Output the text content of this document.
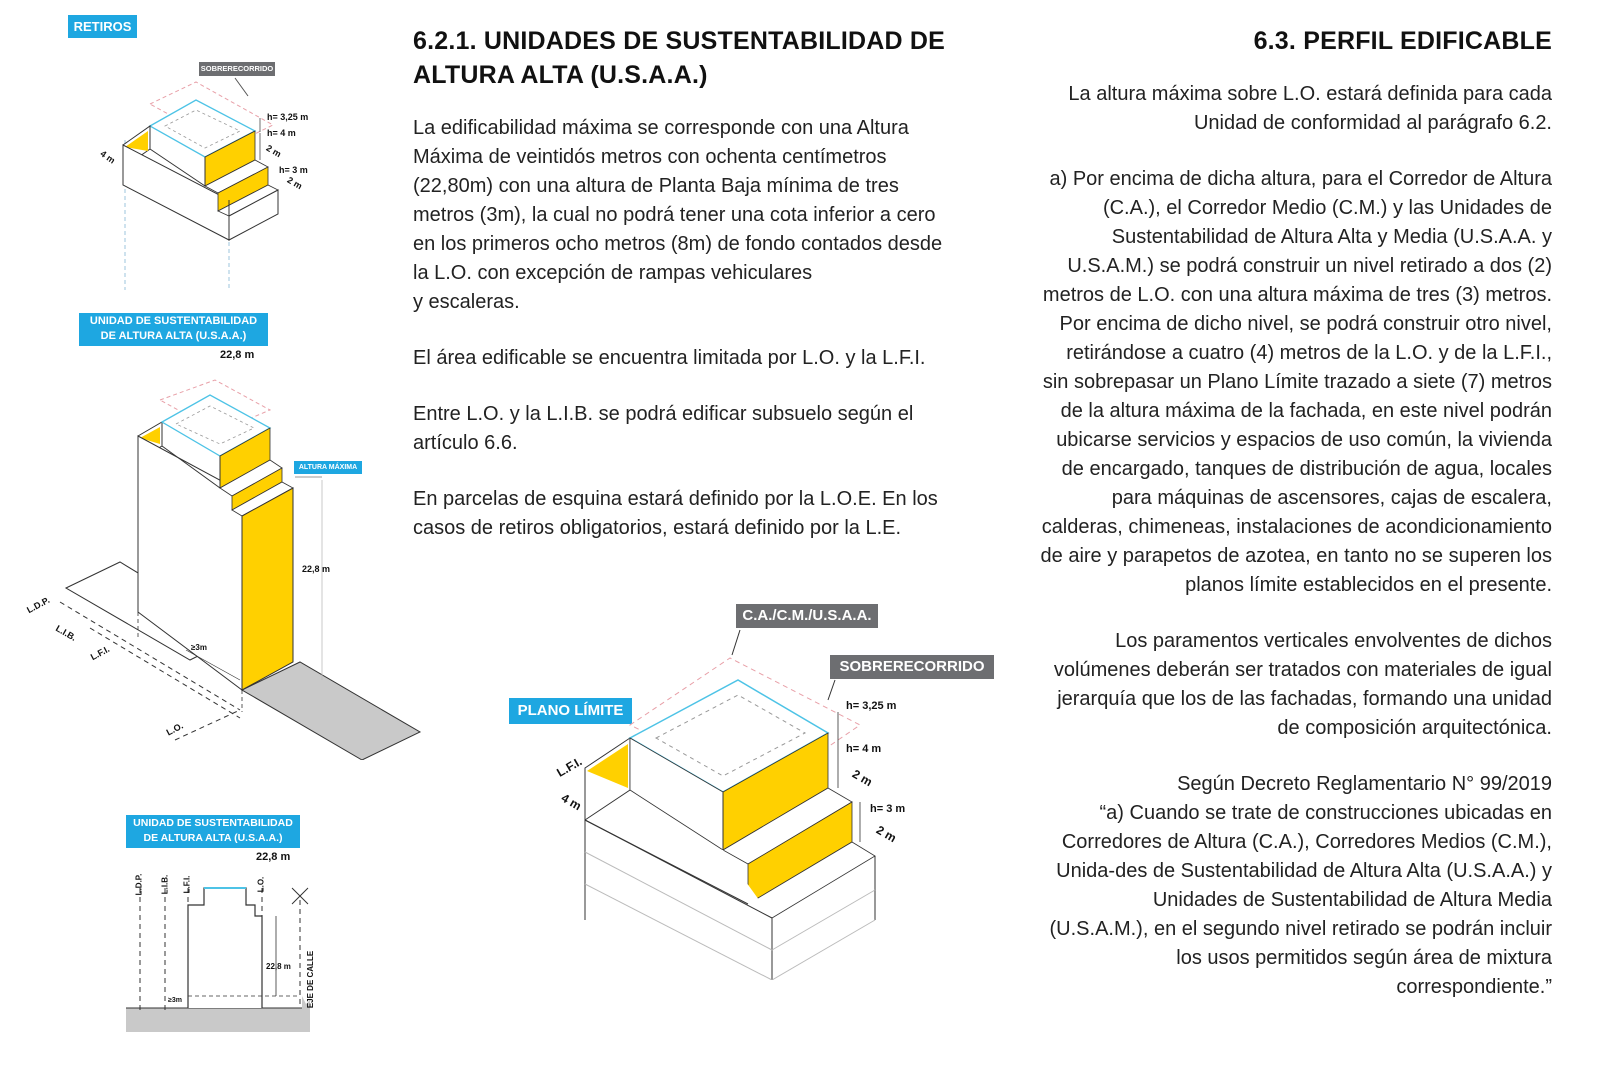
RETIROS
SOBRERECORRIDO
h= 3,25 m
h= 4 m
2 m
h= 3 m
2 m
4 m
UNIDAD DE SUSTENTABILIDAD
DE ALTURA ALTA (U.S.A.A.)
22,8 m
ALTURA MÁXIMA
22,8 m
L.D.P.
L.I.B.
L.F.I.
L.O.
≥3m
UNIDAD DE SUSTENTABILIDAD
DE ALTURA ALTA (U.S.A.A.)
22,8 m
L.D.P. L.I.B. L.F.I.	L.O.
22,8 m
≥3m	EJE DE CALLE
C.A./C.M./U.S.A.A.
SOBRERECORRIDO
PLANO LÍMITE
L.F.I.
4 m
h= 3,25 m
h= 4 m
2 m
h= 3 m
2 m
6.2.1. UNIDADES DE SUSTENTABILIDAD DE
ALTURA ALTA (U.S.A.A.)

La edificabilidad máxima se corresponde con una Altura
Máxima de veintidós metros con ochenta centímetros
(22,80m) con una altura de Planta Baja mínima de tres
metros (3m), la cual no podrá tener una cota inferior a cero
en los primeros ocho metros (8m) de fondo contados desde
la L.O. con excepción de rampas vehiculares
y escaleras.

El área edificable se encuentra limitada por L.O. y la L.F.I.

Entre L.O. y la L.I.B. se podrá edificar subsuelo según el
artículo 6.6.

En parcelas de esquina estará definido por la L.O.E. En los
casos de retiros obligatorios, estará definido por la L.E.

6.3. PERFIL EDIFICABLE

La altura máxima sobre L.O. estará definida para cada
Unidad de conformidad al parágrafo 6.2.

a) Por encima de dicha altura, para el Corredor de Altura
(C.A.), el Corredor Medio (C.M.) y las Unidades de
Sustentabilidad de Altura Alta y Media (U.S.A.A. y
U.S.A.M.) se podrá construir un nivel retirado a dos (2)
metros de L.O. con una altura máxima de tres (3) metros.
Por encima de dicho nivel, se podrá construir otro nivel,
retirándose a cuatro (4) metros de la L.O. y de la L.F.I.,
sin sobrepasar un Plano Límite trazado a siete (7) metros
de la altura máxima de la fachada, en este nivel podrán
ubicarse servicios y espacios de uso común, la vivienda
de encargado, tanques de distribución de agua, locales
para máquinas de ascensores, cajas de escalera,
calderas, chimeneas, instalaciones de acondicionamiento
de aire y parapetos de azotea, en tanto no se superen los
planos límite establecidos en el presente.

Los paramentos verticales envolventes de dichos
volúmenes deberán ser tratados con materiales de igual
jerarquía que los de las fachadas, formando una unidad
de composición arquitectónica.

Según Decreto Reglamentario N° 99/2019
“a) Cuando se trate de construcciones ubicadas en
Corredores de Altura (C.A.), Corredores Medios (C.M.),
Unida-des de Sustentabilidad de Altura Alta (U.S.A.A.) y
Unidades de Sustentabilidad de Altura Media
(U.S.A.M.), en el segundo nivel retirado se podrán incluir
los usos permitidos según área de mixtura
correspondiente.”
